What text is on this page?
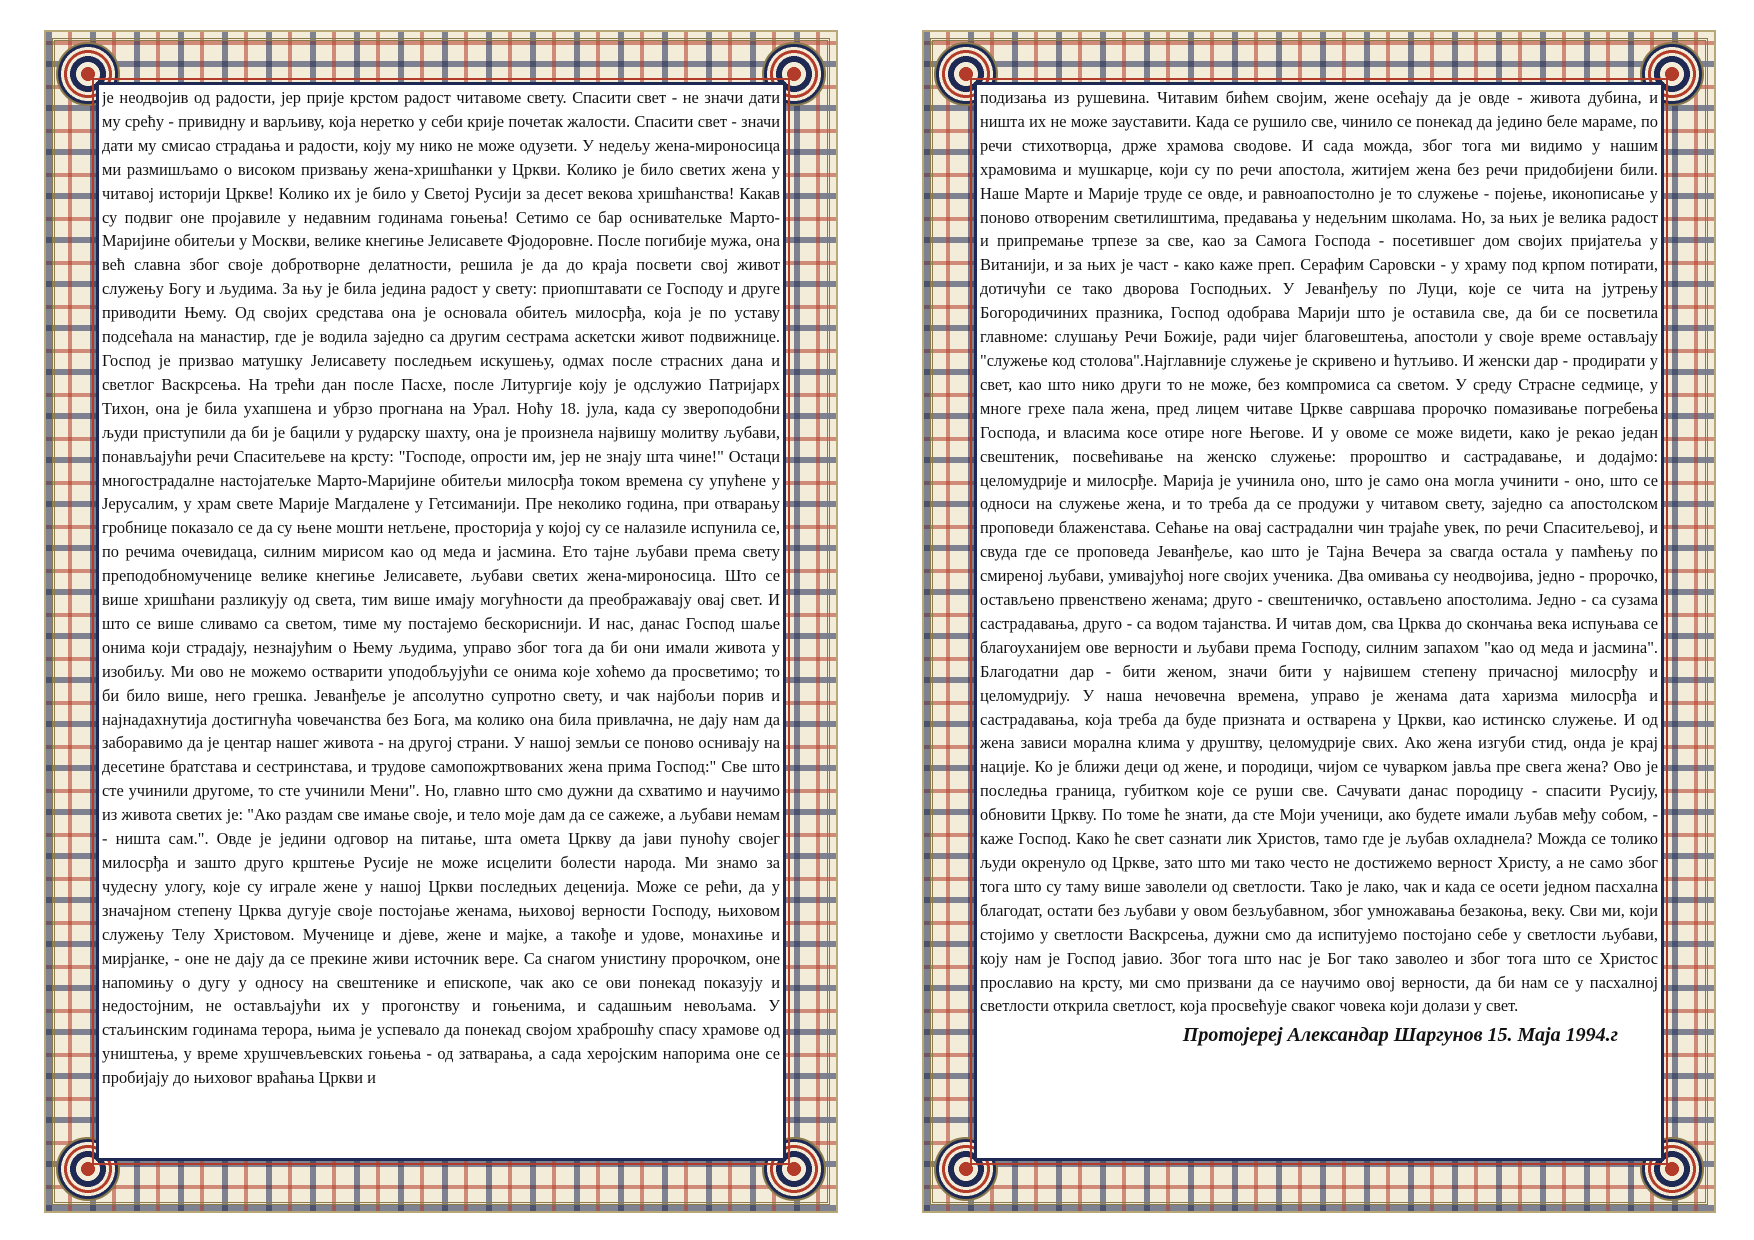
је неодвојив од радости, јер прије крстом радост читавоме свету. Спасити свет - не значи дати му срећу - привидну и варљиву, која неретко у себи крије почетак жалости. Спасити свет - значи дати му смисао страдања и радости, коју му нико не може одузети. У недељу жена-мироносица ми размишљамо о високом призвању жена-хришћанки у Цркви. Колико је било светих жена у читавој историји Цркве! Колико их је било у Светој Русији за десет векова хришћанства! Какав су подвиг оне пројавиле у недавним годинама гоњења! Сетимо се бар оснивательке Марто-Маријине обитељи у Москви, велике кнегиње Јелисавете Фјодоровне. После погибије мужа, она већ славна због своје добротворне делатности, решила је да до краја посвети свој живот служењу Богу и људима. За њу је била једина радост у свету: приопштавати се Господу и друге приводити Њему. Од својих средстава она је основала обитељ милосрђа, која је по уставу подсећала на манастир, где је водила заједно са другим сестрама аскетски живот подвижнице. Господ је призвао матушку Јелисавету последњем искушењу, одмах после страсних дана и светлог Васкрсења. На трећи дан после Пасхе, после Литургије коју је одслужио Патријарх Тихон, она је била ухапшена и убрзо прогнана на Урал. Ноћу 18. јула, када су звероподобни људи приступили да би је бацили у рударску шахту, она је произнела највишу молитву љубави, понављајући речи Спаситељеве на крсту: "Господе, опрости им, јер не знају шта чине!" Остаци многострадалне настојатељке Марто-Маријине обитељи милосрђа током времена су упућене у Јерусалим, у храм свете Марије Магдалене у Гетсиманији. Пре неколико година, при отварању гробнице показало се да су њене мошти нетљене, просторија у којој су се налазиле испунила се, по речима очевидаца, силним мирисом као од меда и јасмина. Ето тајне љубави према свету преподобномученице велике кнегиње Јелисавете, љубави светих жена-мироносица. Што се више хришћани разликују од света, тим више имају могућности да преображавају овај свет. И што се више сливамо са светом, тиме му постајемо бескориснији. И нас, данас Господ шаље онима који страдају, незнајућим о Њему људима, управо због тога да би они имали живота у изобиљу. Ми ово не можемо остварити уподобљујући се онима које хоћемо да просветимо; то би било више, него грешка. Јеванђеље је апсолутно супротно свету, и чак најбољи порив и најнадахнутија достигнућа човечанства без Бога, ма колико она била привлачна, не дају нам да заборавимо да је центар нашег живота - на другој страни. У нашој земљи се поново оснивају на десетине братстава и сестринстава, и трудове самопожртвованих жена прима Господ:" Све што сте учинили другоме, то сте учинили Мени". Но, главно што смо дужни да схватимо и научимо из живота светих је: "Ако раздам све имање своје, и тело моје дам да се сажеже, а љубави немам - ништа сам.". Овде је једини одговор на питање, шта омета Цркву да јави пуноћу својег милосрђа и зашто друго крштење Русије не може исцелити болести народа. Ми знамо за чудесну улогу, које су играле жене у нашој Цркви последњих деценија. Може се рећи, да у значајном степену Црква дугује своје постојање женама, њиховој верности Господу, њиховом служењу Телу Христовом. Мученице и дјеве, жене и мајке, а такође и удове, монахиње и мирјанке, - оне не дају да се прекине живи источник вере. Са снагом унистину пророчком, оне напомињу о дугу у односу на свештенике и епископе, чак ако се ови понекад показују и недостојним, не остављајући их у прогонству и гоњенима, и садашњим невољама. У стаљинским годинама терора, њима је успевало да понекад својом храброшћу спасу храмове од уништења, у време хрушчевљевских гоњења - од затварања, а сада херојским напорима оне се пробијају до њиховог враћања Цркви и

подизања из рушевина. Читавим бићем својим, жене осећају да је овде - живота дубина, и ништа их не може зауставити. Када се рушило све, чинило се понекад да једино беле мараме, по речи стихотворца, држе храмова сводове. И сада можда, због тога ми видимо у нашим храмовима и мушкарце, који су по речи апостола, житијем жена без речи придобијени били. Наше Марте и Марије труде се овде, и равноапостолно је то служење - појење, иконописање у поново отвореним светилиштима, предавања у недељним школама. Но, за њих је велика радост и припремање трпезе за све, као за Самога Господа - посетившег дом својих пријатеља у Витанији, и за њих је част - како каже преп. Серафим Саровски - у храму под крпом потирати, дотичући се тако дворова Господњих. У Јеванђељу по Луци, које се чита на јутрењу Богородичиних празника, Господ одобрава Марији што је оставила све, да би се посветила главноме: слушању Речи Божије, ради чијег благовештења, апостоли у своје време остављају "служење код столова".Најглавније служење је скривено и ћутљиво. И женски дар - продирати у свет, као што нико други то не може, без компромиса са светом. У среду Страсне седмице, у многе грехе пала жена, пред лицем читаве Цркве савршава пророчко помазивање погребења Господа, и власима косе отире ноге Његове. И у овоме се може видети, како је рекао један свештеник, посвећивање на женско служење: пророштво и састрадавање, и додајмо: целомудрије и милосрђе. Марија је учинила оно, што је само она могла учинити - оно, што се односи на служење жена, и то треба да се продужи у читавом свету, заједно са апостолском проповеди блаженстава. Сећање на овај састрадални чин трајаће увек, по речи Спаситељевој, и свуда где се проповеда Јеванђеље, као што је Тајна Вечера за свагда остала у памћењу по смиреној љубави, умивајућој ноге својих ученика. Два омивања су неодвојива, једно - пророчко, остављено првенствено женама; друго - свештеничко, остављено апостолима. Једно - са сузама састрадавања, друго - са водом тајанства. И читав дом, сва Црква до скончања века испуњава се благоуханијем ове верности и љубави према Господу, силним запахом "као од меда и јасмина". Благодатни дар - бити женом, значи бити у највишем степену причасној милосрђу и целомудрију. У наша нечовечна времена, управо је женама дата харизма милосрђа и састрадавања, која треба да буде призната и остварена у Цркви, као истинско служење. И од жена зависи морална клима у друштву, целомудрије свих. Ако жена изгуби стид, онда је крај нације. Ко је ближи деци од жене, и породици, чијом се чуварком јавља пре свега жена? Ово је последња граница, губитком које се руши све. Сачувати данас породицу - спасити Русију, обновити Цркву. По томе ће знати, да сте Моји ученици, ако будете имали љубав међу собом, - каже Господ. Како ће свет сазнати лик Христов, тамо где је љубав охладнела? Можда се толико људи окренуло од Цркве, зато што ми тако често не достижемо верност Христу, а не само због тога што су таму више заволели од светлости. Тако је лако, чак и када се осети једном пасхална благодат, остати без љубави у овом безљубавном, због умножавања безакоња, веку. Сви ми, који стојимо у светлости Васкрсења, дужни смо да испитујемо постојано себе у светлости љубави, коју нам је Господ јавио. Због тога што нас је Бог тако заволео и због тога што се Христос прославио на крсту, ми смо призвани да се научимо овој верности, да би нам се у пасхалној светлости открила светлост, која просвећује сваког човека који долази у свет.

Протојереј Александар Шаргунов 15. Маја 1994.г
